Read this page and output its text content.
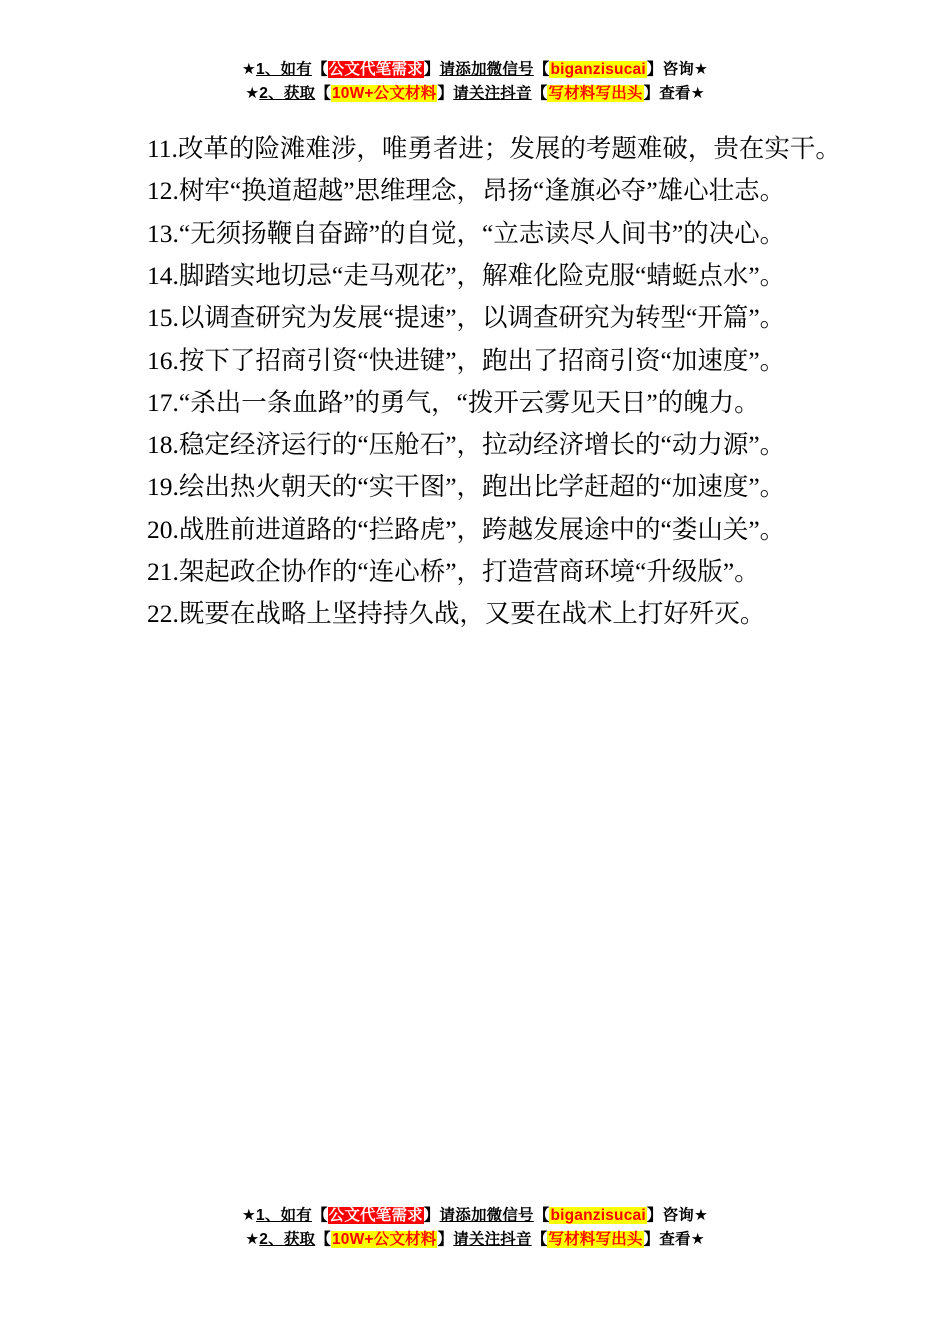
★1、如有【公文代笔需求】请添加微信号【biganzisucai】咨询★
★2、获取【10W+公文材料】请关注抖音【写材料写出头】查看★

11.改革的险滩难涉，唯勇者进；发展的考题难破，贵在实干。

12.树牢“换道超越”思维理念，昂扬“逢旗必夺”雄心壮志。

13.“无须扬鞭自奋蹄”的自觉，“立志读尽人间书”的决心。

14.脚踏实地切忌“走马观花”，解难化险克服“蜻蜓点水”。

15.以调查研究为发展“提速”，以调查研究为转型“开篇”。

16.按下了招商引资“快进键”，跑出了招商引资“加速度”。

17.“杀出一条血路”的勇气，“拨开云雾见天日”的魄力。

18.稳定经济运行的“压舱石”，拉动经济增长的“动力源”。

19.绘出热火朝天的“实干图”，跑出比学赶超的“加速度”。

20.战胜前进道路的“拦路虎”，跨越发展途中的“娄山关”。

21.架起政企协作的“连心桥”，打造营商环境“升级版”。

22.既要在战略上坚持持久战，又要在战术上打好歼灭。

★1、如有【公文代笔需求】请添加微信号【biganzisucai】咨询★
★2、获取【10W+公文材料】请关注抖音【写材料写出头】查看★
